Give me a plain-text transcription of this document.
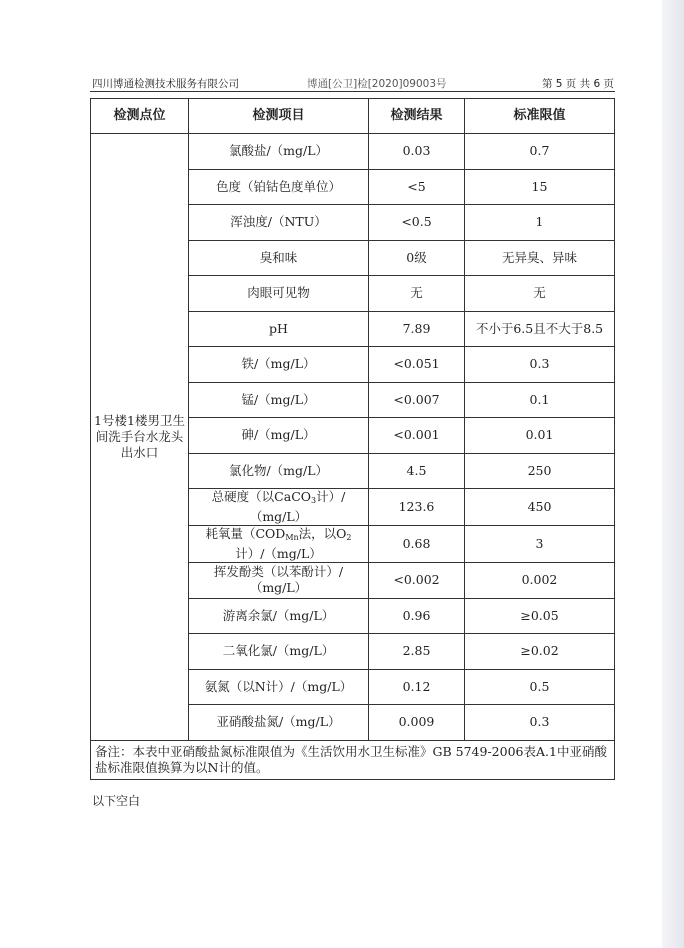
四川博通检测技术服务有限公司	博通[公卫]检[2020]09003号	第 5 页 共 6 页
检测点位	检测项目	检测结果	标准限值
1号楼1楼男卫生间洗手台水龙头出水口	氯酸盐/（mg/L）	0.03	0.7
	色度（铂钴色度单位）	<5	15
	浑浊度/（NTU）	<0.5	1
	臭和味	0级	无异臭、异味
	肉眼可见物	无	无
	pH	7.89	不小于6.5且不大于8.5
	铁/（mg/L）	<0.051	0.3
	锰/（mg/L）	<0.007	0.1
	砷/（mg/L）	<0.001	0.01
	氯化物/（mg/L）	4.5	250
	总硬度（以CaCO$_3$计）/（mg/L）	123.6	450
	耗氧量（$COD_{Mn}$法，以$O_2$计）/（mg/L）	0.68	3
	挥发酚类（以苯酚计）/（mg/L）	<0.002	0.002
	游离余氯/（mg/L）	0.96	≥0.05
	二氧化氯/（mg/L）	2.85	≥0.02
	氨氮（以N计）/（mg/L）	0.12	0.5
	亚硝酸盐氮/（mg/L）	0.009	0.3
备注：本表中亚硝酸盐氮标准限值为《生活饮用水卫生标准》GB 5749-2006表A.1中亚硝酸盐标准限值换算为以N计的值。			
以下空白
